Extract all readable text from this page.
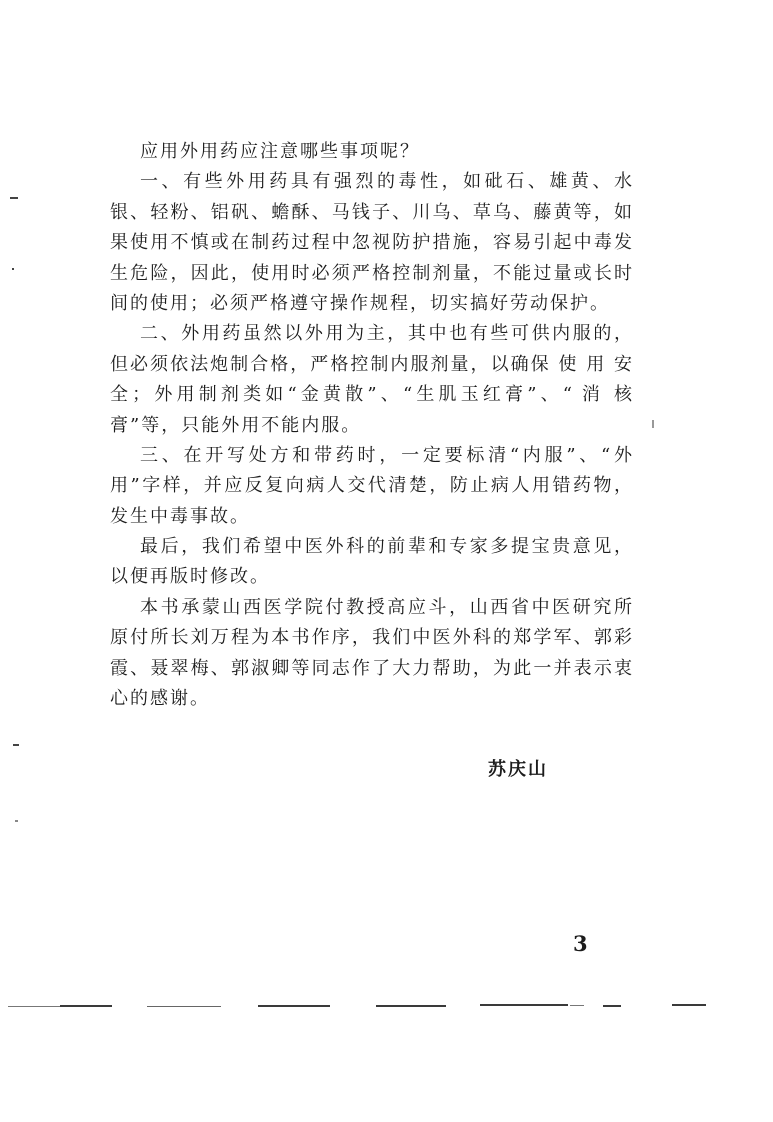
应用外用药应注意哪些事项呢？
一、有些外用药具有强烈的毒性，如砒石、雄黄、水
银、轻粉、铝矾、蟾酥、马钱子、川乌、草乌、藤黄等，如
果使用不慎或在制药过程中忽视防护措施，容易引起中毒发
生危险，因此，使用时必须严格控制剂量，不能过量或长时
间的使用；必须严格遵守操作规程，切实搞好劳动保护。
二、外用药虽然以外用为主，其中也有些可供内服的，
但必须依法炮制合格，严格控制内服剂量，以确保 使 用 安
全；外用制剂类如“金黄散”、“生肌玉红膏”、“ 消 核
膏”等，只能外用不能内服。
三、在开写处方和带药时，一定要标清“内服”、“外
用”字样，并应反复向病人交代清楚，防止病人用错药物，
发生中毒事故。
最后，我们希望中医外科的前辈和专家多提宝贵意见，
以便再版时修改。
本书承蒙山西医学院付教授高应斗，山西省中医研究所
原付所长刘万程为本书作序，我们中医外科的郑学军、郭彩
霞、聂翠梅、郭淑卿等同志作了大力帮助，为此一并表示衷
心的感谢。
苏庆山
3
